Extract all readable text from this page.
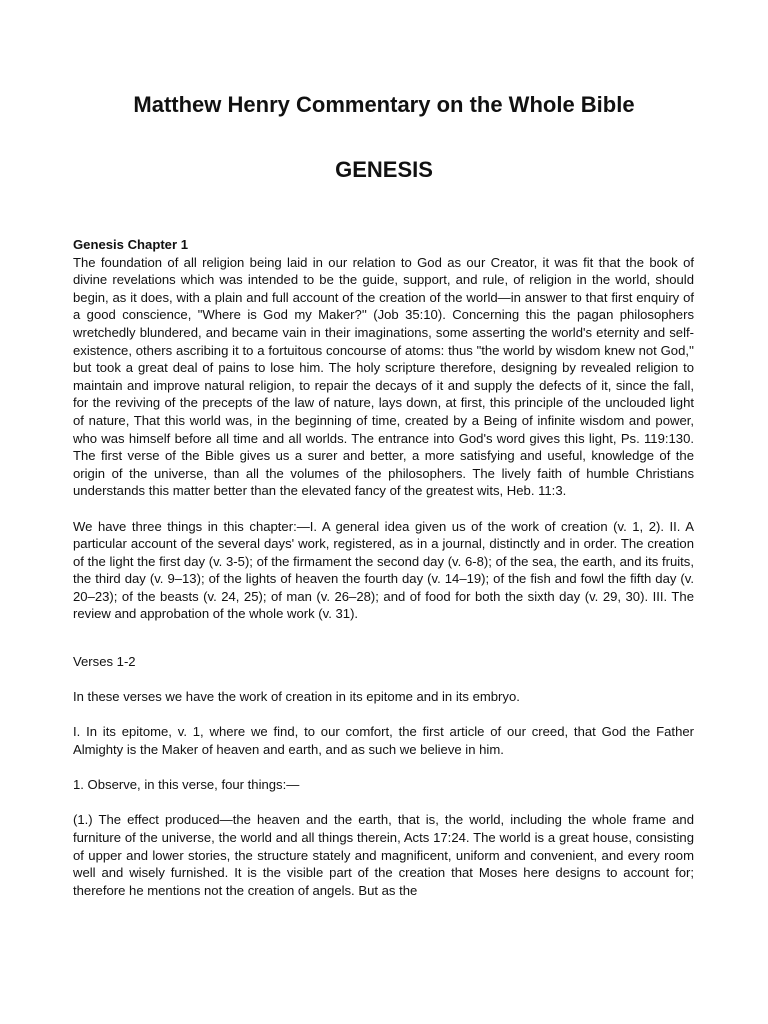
Matthew Henry Commentary on the Whole Bible
GENESIS

Genesis Chapter 1

The foundation of all religion being laid in our relation to God as our Creator, it was fit that the book of divine revelations which was intended to be the guide, support, and rule, of religion in the world, should begin, as it does, with a plain and full account of the creation of the world—in answer to that first enquiry of a good conscience, "Where is God my Maker?'' (Job 35:10). Concerning this the pagan philosophers wretchedly blundered, and became vain in their imaginations, some asserting the world's eternity and self-existence, others ascribing it to a fortuitous concourse of atoms: thus "the world by wisdom knew not God,'' but took a great deal of pains to lose him. The holy scripture therefore, designing by revealed religion to maintain and improve natural religion, to repair the decays of it and supply the defects of it, since the fall, for the reviving of the precepts of the law of nature, lays down, at first, this principle of the unclouded light of nature, That this world was, in the beginning of time, created by a Being of infinite wisdom and power, who was himself before all time and all worlds. The entrance into God's word gives this light, Ps. 119:130. The first verse of the Bible gives us a surer and better, a more satisfying and useful, knowledge of the origin of the universe, than all the volumes of the philosophers. The lively faith of humble Christians understands this matter better than the elevated fancy of the greatest wits, Heb. 11:3.

We have three things in this chapter:—I. A general idea given us of the work of creation (v. 1, 2). II. A particular account of the several days' work, registered, as in a journal, distinctly and in order. The creation of the light the first day (v. 3-5); of the firmament the second day (v. 6-8); of the sea, the earth, and its fruits, the third day (v. 9–13); of the lights of heaven the fourth day (v. 14–19); of the fish and fowl the fifth day (v. 20–23); of the beasts (v. 24, 25); of man (v. 26–28); and of food for both the sixth day (v. 29, 30). III. The review and approbation of the whole work (v. 31).

Verses 1-2

In these verses we have the work of creation in its epitome and in its embryo.

I. In its epitome, v. 1, where we find, to our comfort, the first article of our creed, that God the Father Almighty is the Maker of heaven and earth, and as such we believe in him.

1. Observe, in this verse, four things:—

(1.) The effect produced—the heaven and the earth, that is, the world, including the whole frame and furniture of the universe, the world and all things therein, Acts 17:24. The world is a great house, consisting of upper and lower stories, the structure stately and magnificent, uniform and convenient, and every room well and wisely furnished. It is the visible part of the creation that Moses here designs to account for; therefore he mentions not the creation of angels. But as the
